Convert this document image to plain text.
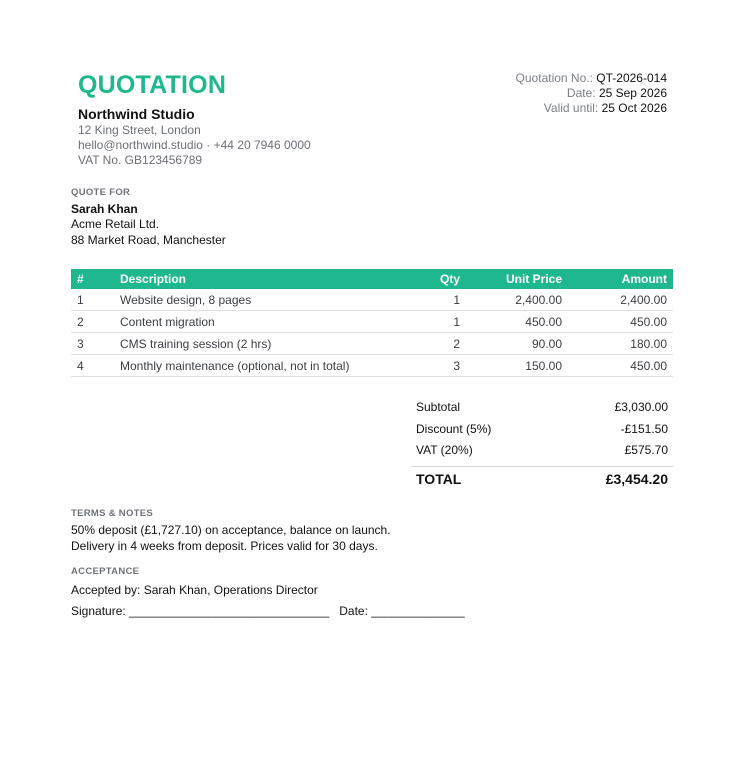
QUOTATION
Northwind Studio
12 King Street, London
hello@northwind.studio · +44 20 7946 0000
VAT No. GB123456789
Quotation No.: QT-2026-014
Date: 25 Sep 2026
Valid until: 25 Oct 2026
QUOTE FOR
Sarah Khan
Acme Retail Ltd.
88 Market Road, Manchester
#	Description	Qty	Unit Price	Amount
1	Website design, 8 pages	1	2,400.00	2,400.00
2	Content migration	1	450.00	450.00
3	CMS training session (2 hrs)	2	90.00	180.00
4	Monthly maintenance (optional, not in total)	3	150.00	450.00
Subtotal	£3,030.00
Discount (5%)	-£151.50
VAT (20%)	£575.70
TOTAL	£3,454.20
TERMS & NOTES
50% deposit (£1,727.10) on acceptance, balance on launch.
Delivery in 4 weeks from deposit. Prices valid for 30 days.
ACCEPTANCE
Accepted by: Sarah Khan, Operations Director
Signature: ______________________________   Date: ______________
